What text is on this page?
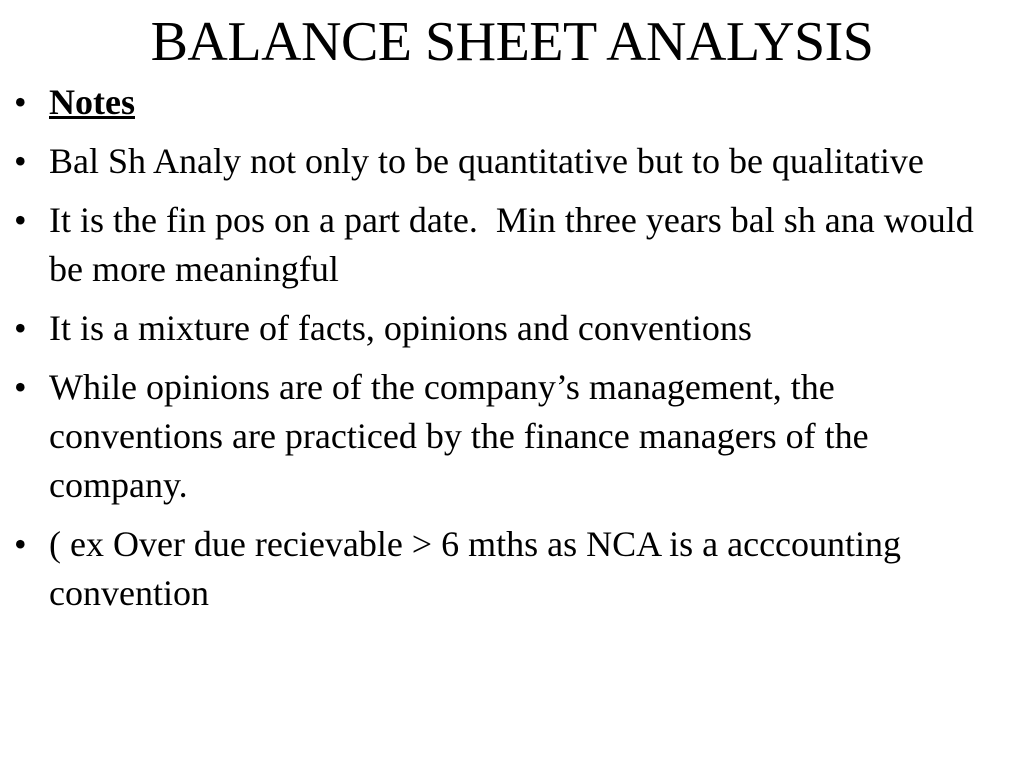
BALANCE SHEET ANALYSIS
• Notes
• Bal Sh Analy not only to be quantitative but to be qualitative
• It is the fin pos on a part date.  Min three years bal sh ana would be more meaningful
• It is a mixture of facts, opinions and conventions
• While opinions are of the company’s management, the conventions are practiced by the finance managers of the company.
• ( ex Over due recievable > 6 mths as NCA is a acccounting convention
